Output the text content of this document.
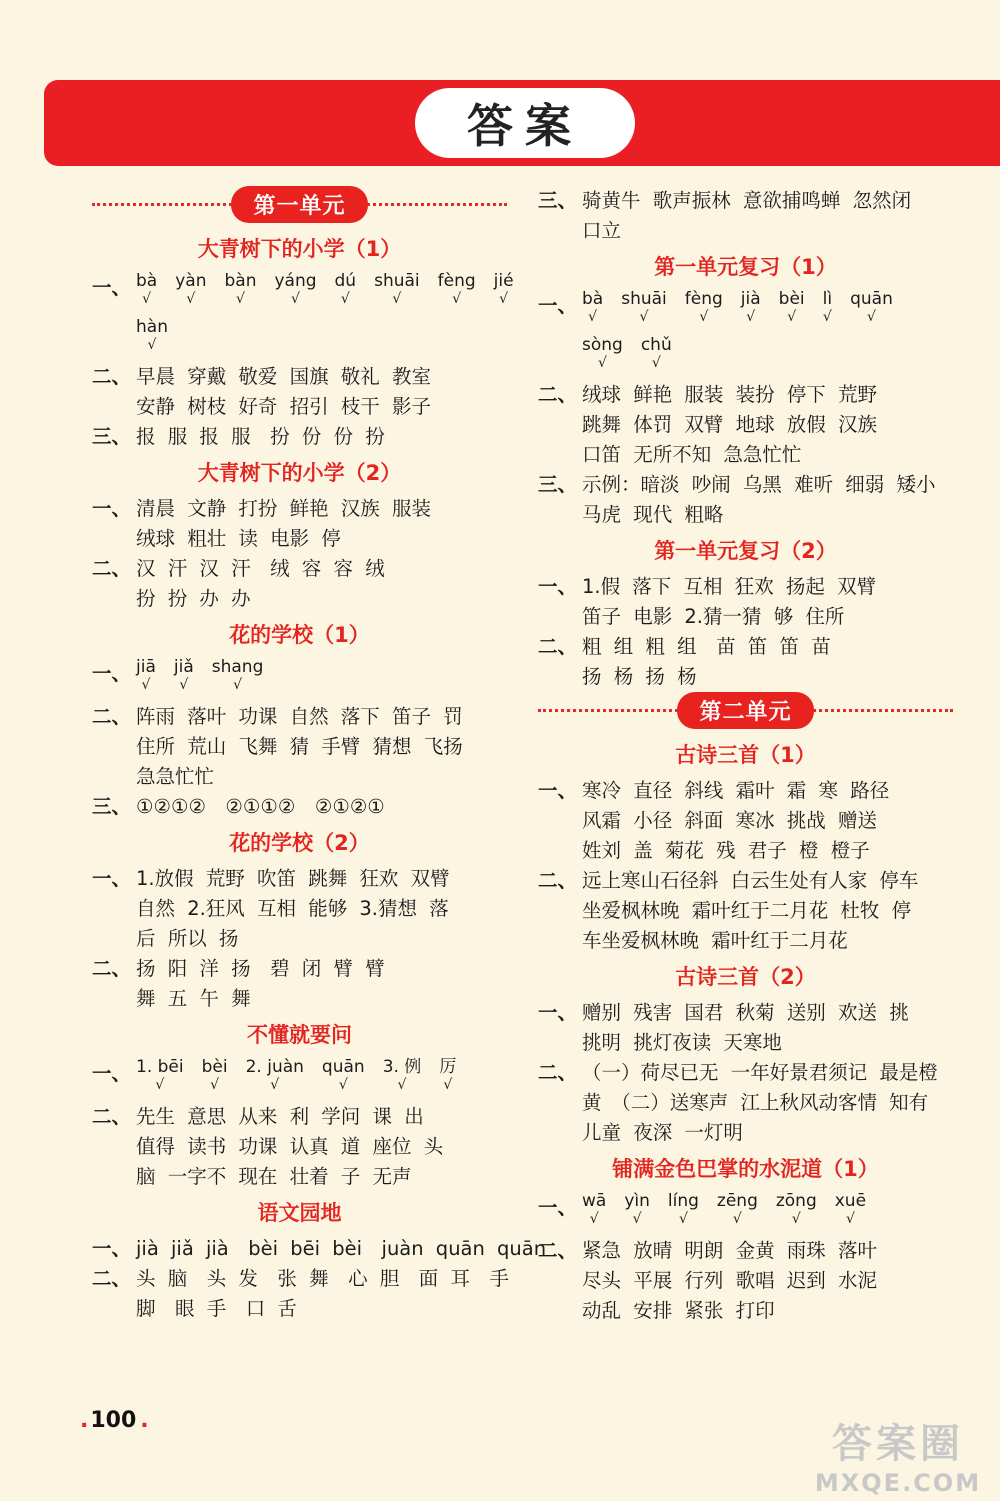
答案
第一单元
大青树下的小学（1）
一、 bà
√
yàn
√
bàn
√
yáng
√
dú
√
shuāi
√
fèng
√
jié
√
hàn
√
二、 早晨 穿戴 敬爱 国旗 敬礼 教室
安静 树枝 好奇 招引 枝干 影子
三、 报 服 报 服　扮 份 份 扮
大青树下的小学（2）
一、 清晨 文静 打扮 鲜艳 汉族 服装
绒球 粗壮 读 电影 停
二、 汉 汗 汉 汗　绒 容 容 绒
扮 扮 办 办
花的学校（1）
一、 jiā
√
jiǎ
√
shang
√
二、 阵雨 落叶 功课 自然 落下 笛子 罚
住所 荒山 飞舞 猜 手臂 猜想 飞扬
急急忙忙
三、 ①②①②　②①①②　②①②①
花的学校（2）
一、 1.放假 荒野 吹笛 跳舞 狂欢 双臂
自然 2.狂风 互相 能够 3.猜想 落
后 所以 扬
二、 扬 阳 洋 扬　碧 闭 臂 臂
舞 五 午 舞
不懂就要问
一、 1. bēi
√
bèi
√
2. juàn
√
quān
√
3. 例
√
厉
√
二、 先生 意思 从来 利 学问 课 出
值得 读书 功课 认真 道 座位 头
脑 一字不 现在 壮着 子 无声
语文园地
一、 jià jiǎ jià　bèi bēi bèi　juàn quān quān
二、 头 脑　头 发　张 舞　心 胆　面 耳　手
脚　眼 手　口 舌
三、 骑黄牛 歌声振林 意欲捕鸣蝉 忽然闭
口立
第一单元复习（1）
一、 bà
√
shuāi
√
fèng
√
jià
√
bèi
√
lì
√
quān
√
sòng
√
chǔ
√
二、 绒球 鲜艳 服装 装扮 停下 荒野
跳舞 体罚 双臂 地球 放假 汉族
口笛 无所不知 急急忙忙
三、 示例：暗淡 吵闹 乌黑 难听 细弱 矮小
马虎 现代 粗略
第一单元复习（2）
一、 1.假 落下 互相 狂欢 扬起 双臂
笛子 电影 2.猜一猜 够 住所
二、 粗 组 粗 组　苗 笛 笛 苗
扬 杨 扬 杨
第二单元
古诗三首（1）
一、 寒冷 直径 斜线 霜叶 霜 寒 路径
风霜 小径 斜面 寒冰 挑战 赠送
姓刘 盖 菊花 残 君子 橙 橙子
二、 远上寒山石径斜 白云生处有人家 停车
坐爱枫林晚 霜叶红于二月花 杜牧 停
车坐爱枫林晚 霜叶红于二月花
古诗三首（2）
一、 赠别 残害 国君 秋菊 送别 欢送 挑
挑明 挑灯夜读 天寒地
二、 （一）荷尽已无 一年好景君须记 最是橙
黄　（二）送寒声 江上秋风动客情 知有
儿童 夜深 一灯明
铺满金色巴掌的水泥道（1）
一、 wā
√
yìn
√
líng
√
zēng
√
zōng
√
xuē
√
二、 紧急 放晴 明朗 金黄 雨珠 落叶
尽头 平展 行列 歌唱 迟到 水泥
动乱 安排 紧张 打印
. 100 .	答案圈
MXQE.COM
